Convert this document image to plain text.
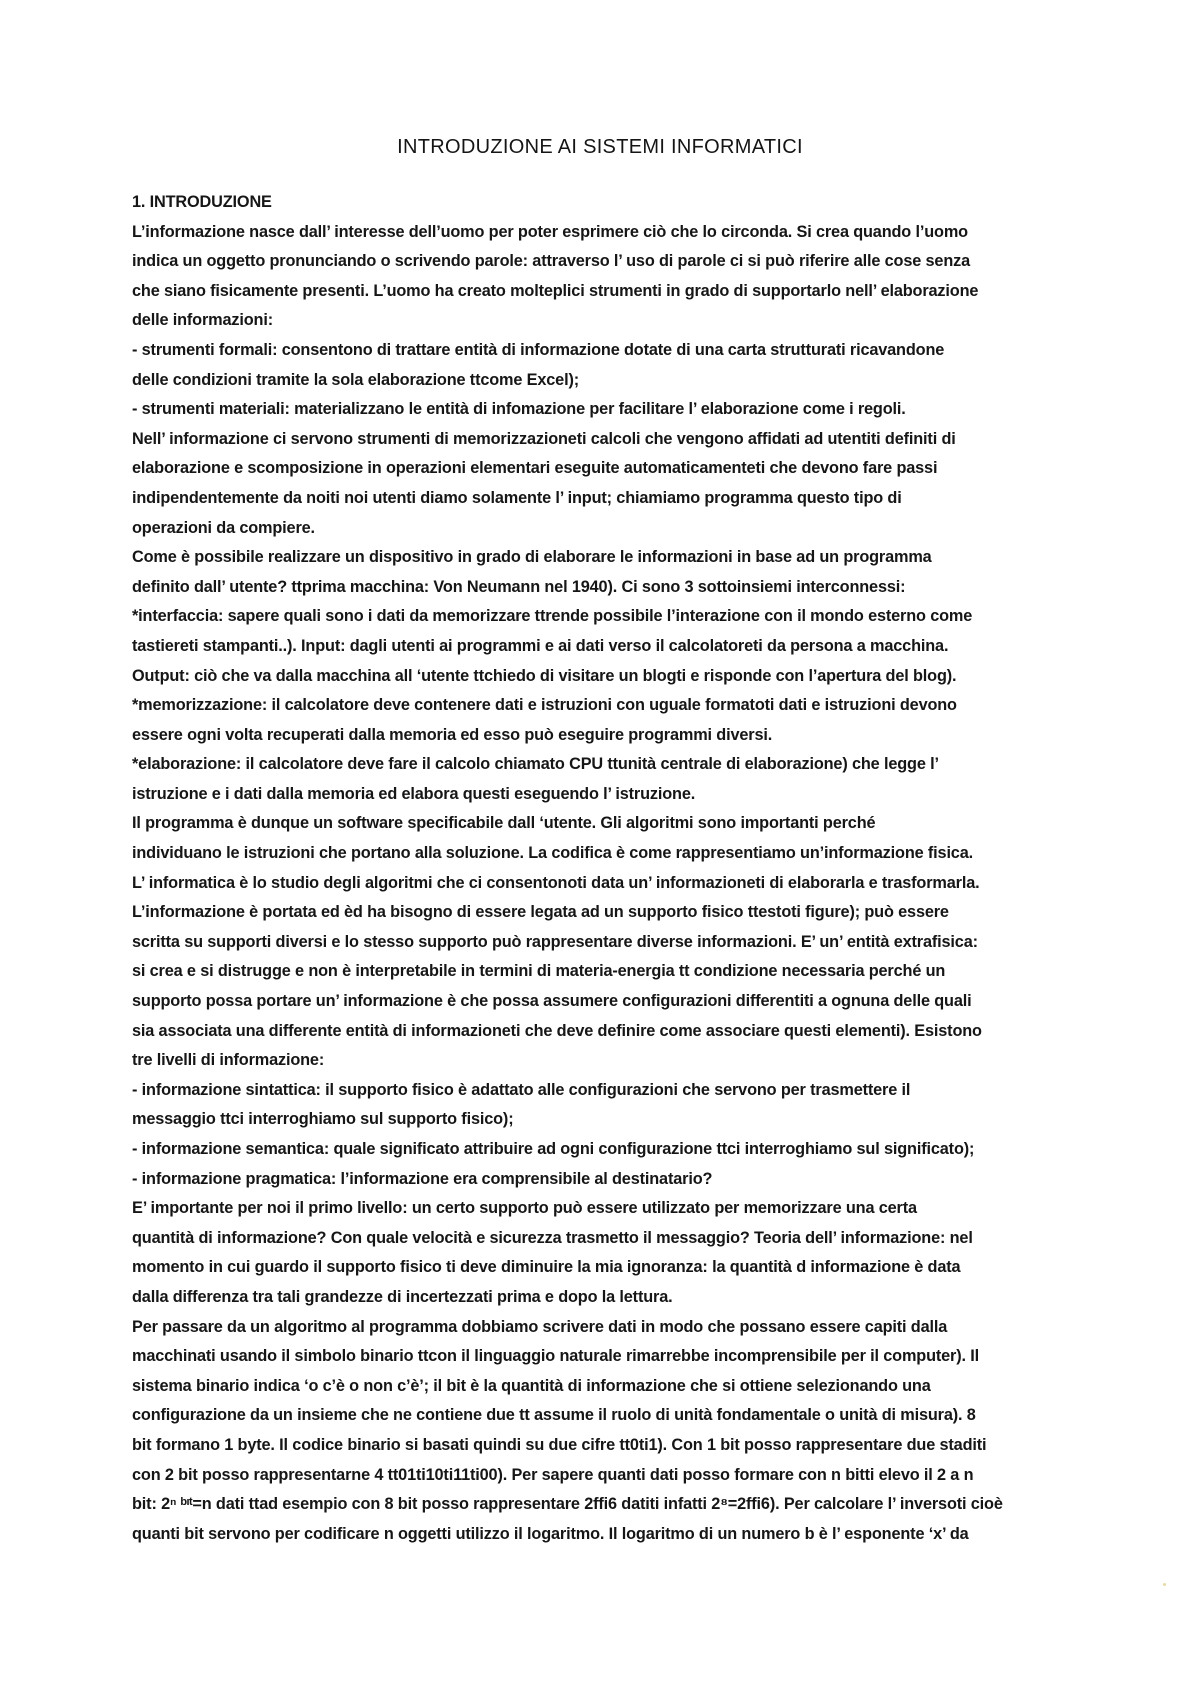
INTRODUZIONE AI SISTEMI INFORMATICI
1. INTRODUZIONE
L’informazione nasce dall’ interesse dell’uomo per poter esprimere ciò che lo circonda. Si crea quando l’uomo
indica un oggetto pronunciando o scrivendo parole: attraverso l’ uso di parole ci si può riferire alle cose senza
che siano fisicamente presenti. L’uomo ha creato molteplici strumenti in grado di supportarlo nell’ elaborazione
delle informazioni:
- strumenti formali: consentono di trattare entità di informazione dotate di una carta strutturati ricavandone
delle condizioni tramite la sola elaborazione ttcome Excel);
- strumenti materiali: materializzano le entità di infomazione per facilitare l’ elaborazione come i regoli.
Nell’ informazione ci servono strumenti di memorizzazioneti calcoli che vengono affidati ad utentiti definiti di
elaborazione e scomposizione in operazioni elementari eseguite automaticamenteti che devono fare passi
indipendentemente da noiti noi utenti diamo solamente l’ input; chiamiamo programma questo tipo di
operazioni da compiere.
Come è possibile realizzare un dispositivo in grado di elaborare le informazioni in base ad un programma
definito dall’ utente? ttprima macchina: Von Neumann nel 1940). Ci sono 3 sottoinsiemi interconnessi:
*interfaccia: sapere quali sono i dati da memorizzare ttrende possibile l’interazione con il mondo esterno come
tastiereti stampanti..). Input: dagli utenti ai programmi e ai dati verso il calcolatoreti da persona a macchina.
Output: ciò che va dalla macchina all ‘utente ttchiedo di visitare un blogti e risponde con l’apertura del blog).
*memorizzazione: il calcolatore deve contenere dati e istruzioni con uguale formatoti dati e istruzioni devono
essere ogni volta recuperati dalla memoria ed esso può eseguire programmi diversi.
*elaborazione: il calcolatore deve fare il calcolo chiamato CPU ttunità centrale di elaborazione) che legge l’
istruzione e i dati dalla memoria ed elabora questi eseguendo l’ istruzione.
Il programma è dunque un software specificabile dall ‘utente. Gli algoritmi sono importanti perché
individuano le istruzioni che portano alla soluzione. La codifica è come rappresentiamo un’informazione fisica.
L’ informatica è lo studio degli algoritmi che ci consentonoti data un’ informazioneti di elaborarla e trasformarla.
L’informazione è portata ed èd ha bisogno di essere legata ad un supporto fisico ttestoti figure); può essere
scritta su supporti diversi e lo stesso supporto può rappresentare diverse informazioni. E’ un’ entità extrafisica:
si crea e si distrugge e non è interpretabile in termini di materia-energia tt condizione necessaria perché un
supporto possa portare un’ informazione è che possa assumere configurazioni differentiti a ognuna delle quali
sia associata una differente entità di informazioneti che deve definire come associare questi elementi). Esistono
tre livelli di informazione:
- informazione sintattica: il supporto fisico è adattato alle configurazioni che servono per trasmettere il
messaggio ttci interroghiamo sul supporto fisico);
- informazione semantica: quale significato attribuire ad ogni configurazione ttci interroghiamo sul significato);
- informazione pragmatica: l’informazione era comprensibile al destinatario?
E’ importante per noi il primo livello: un certo supporto può essere utilizzato per memorizzare una certa
quantità di informazione? Con quale velocità e sicurezza trasmetto il messaggio? Teoria dell’ informazione: nel
momento in cui guardo il supporto fisico ti deve diminuire la mia ignoranza: la quantità d informazione è data
dalla differenza tra tali grandezze di incertezzati prima e dopo la lettura.
Per passare da un algoritmo al programma dobbiamo scrivere dati in modo che possano essere capiti dalla
macchinati usando il simbolo binario ttcon il linguaggio naturale rimarrebbe incomprensibile per il computer). Il
sistema binario indica ‘o c’è o non c’è’; il bit è la quantità di informazione che si ottiene selezionando una
configurazione da un insieme che ne contiene due tt assume il ruolo di unità fondamentale o unità di misura). 8
bit formano 1 byte. Il codice binario si basati quindi su due cifre tt0ti1). Con 1 bit posso rappresentare due staditi
con 2 bit posso rappresentarne 4 tt01ti10ti11ti00). Per sapere quanti dati posso formare con n bitti elevo il 2 a n
bit: 2ⁿ ᵇᶦᵗ=n dati ttad esempio con 8 bit posso rappresentare 2ffi6 datiti infatti 2⁸=2ffi6). Per calcolare l’ inversoti cioè
quanti bit servono per codificare n oggetti utilizzo il logaritmo. Il logaritmo di un numero b è l’ esponente ‘x’ da
